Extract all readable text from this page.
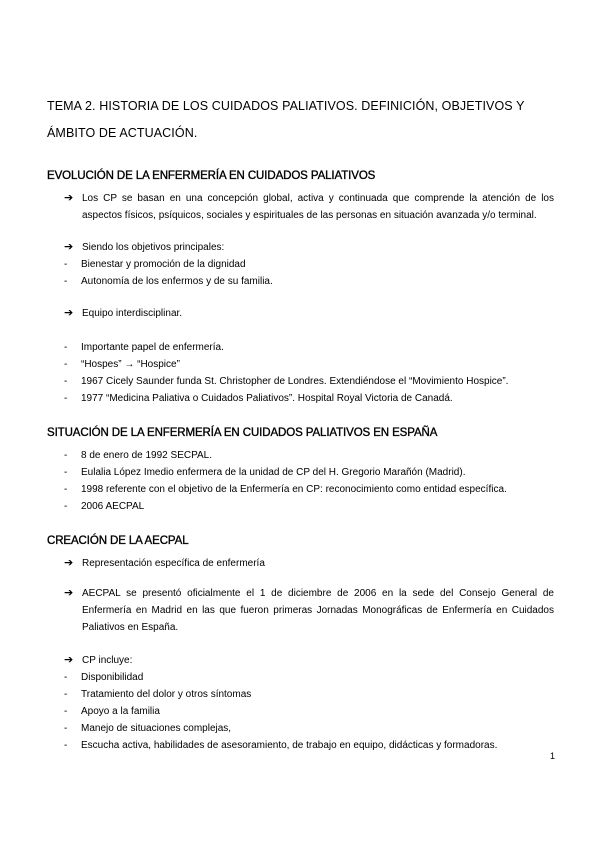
TEMA 2. HISTORIA DE LOS CUIDADOS PALIATIVOS. DEFINICIÓN, OBJETIVOS Y ÁMBITO DE ACTUACIÓN.
EVOLUCIÓN DE LA ENFERMERÍA EN CUIDADOS PALIATIVOS
➔ Los CP se basan en una concepción global, activa y continuada que comprende la atención de los aspectos físicos, psíquicos, sociales y espirituales de las personas en situación avanzada y/o terminal.
➔ Siendo los objetivos principales:
- Bienestar y promoción de la dignidad
- Autonomía de los enfermos y de su familia.
➔ Equipo interdisciplinar.
- Importante papel de enfermería.
- “Hospes” → “Hospice”
- 1967 Cicely Saunder funda St. Christopher de Londres. Extendiéndose el “Movimiento Hospice”.
- 1977 “Medicina Paliativa o Cuidados Paliativos”. Hospital Royal Victoria de Canadá.
SITUACIÓN DE LA ENFERMERÍA EN CUIDADOS PALIATIVOS EN ESPAÑA
- 8 de enero de 1992 SECPAL.
- Eulalia López Imedio enfermera de la unidad de CP del H. Gregorio Marañón (Madrid).
- 1998 referente con el objetivo de la Enfermería en CP: reconocimiento como entidad específica.
- 2006 AECPAL
CREACIÓN DE LA AECPAL
➔ Representación específica de enfermería
➔ AECPAL se presentó oficialmente el 1 de diciembre de 2006 en la sede del Consejo General de Enfermería en Madrid en las que fueron primeras Jornadas Monográficas de Enfermería en Cuidados Paliativos en España.
➔ CP incluye:
- Disponibilidad
- Tratamiento del dolor y otros síntomas
- Apoyo a la familia
- Manejo de situaciones complejas,
- Escucha activa, habilidades de asesoramiento, de trabajo en equipo, didácticas y formadoras.
1
